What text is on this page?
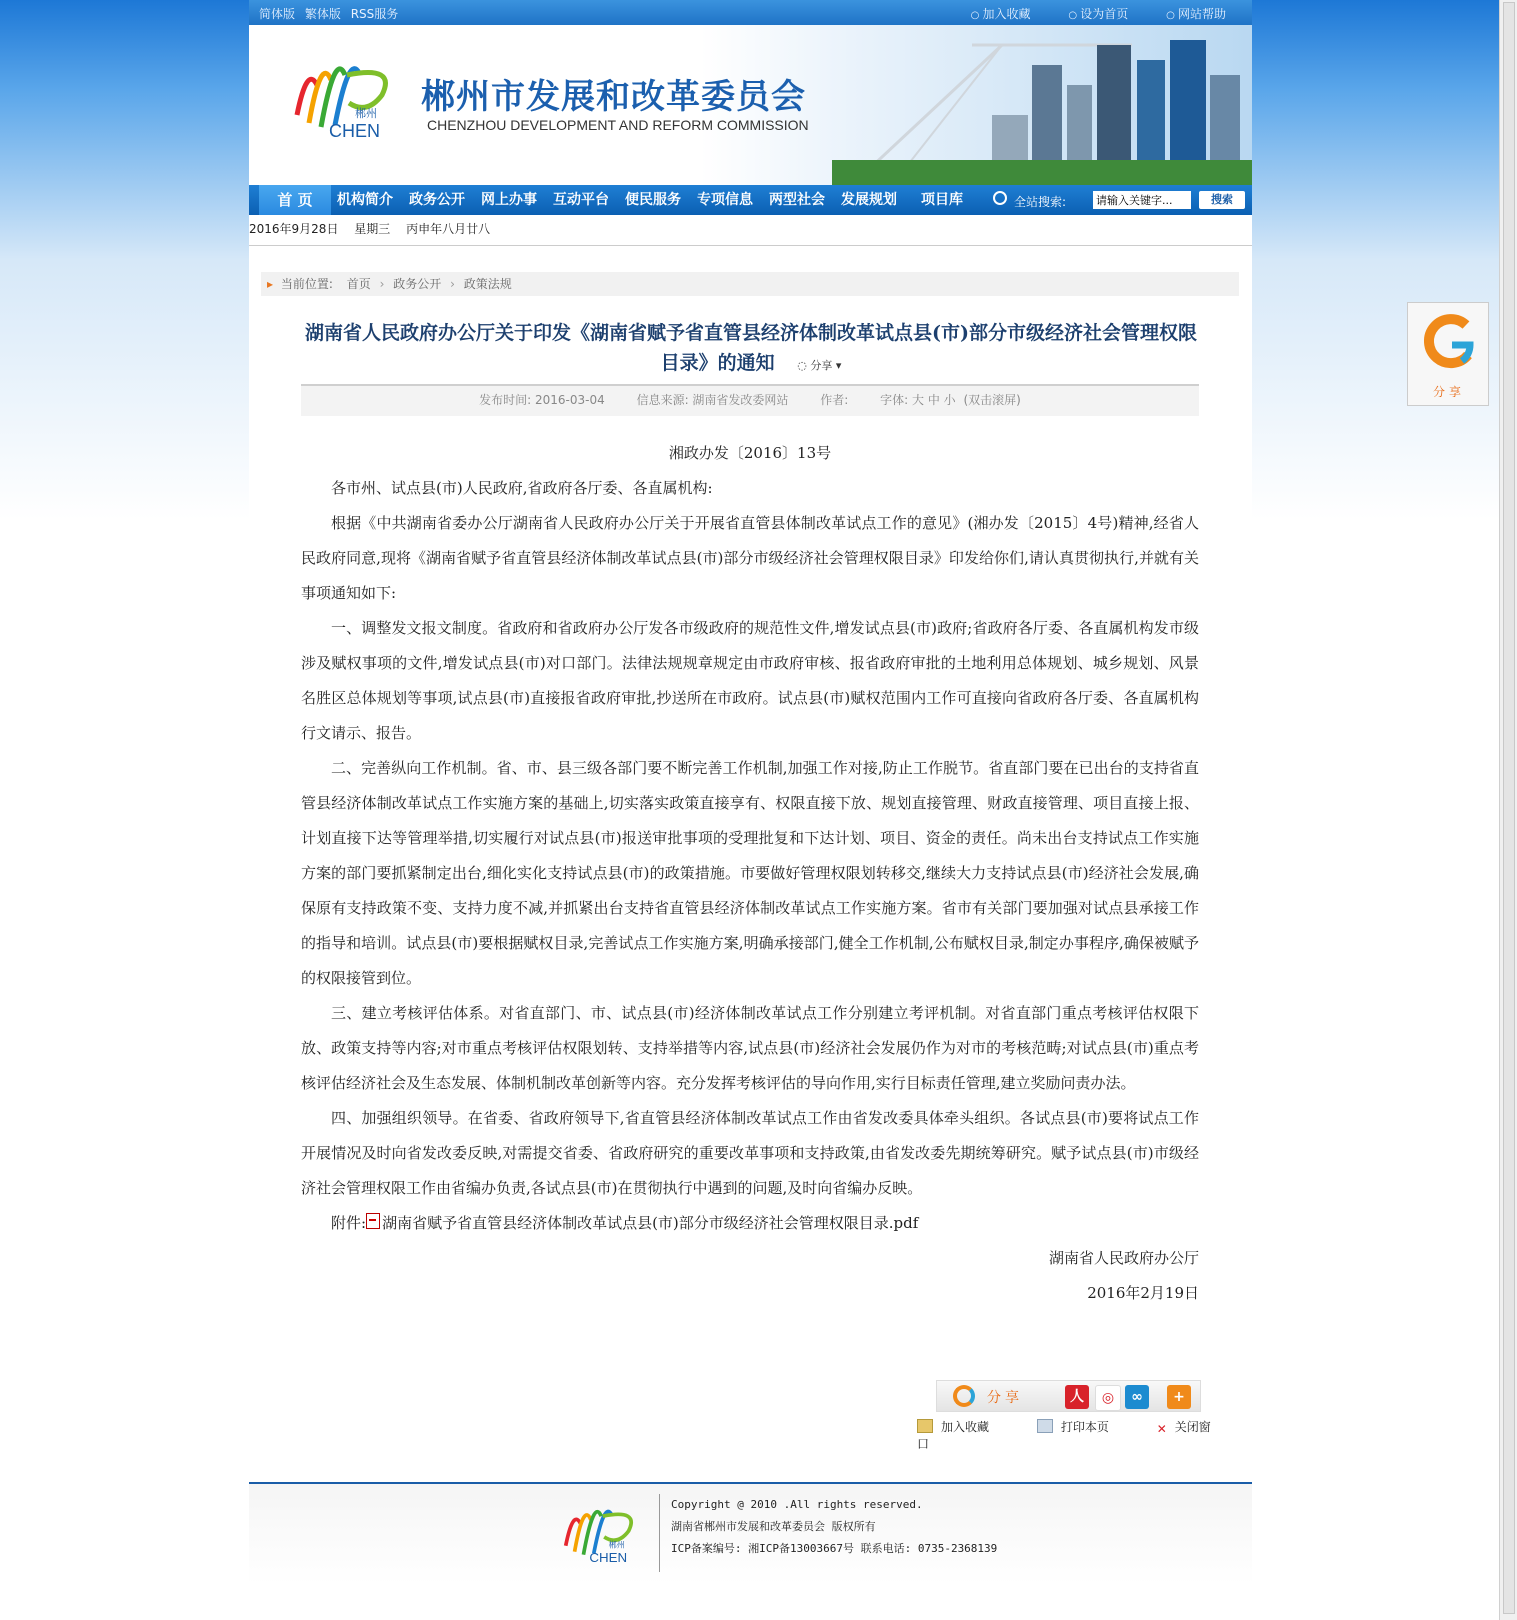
简体版 繁体版 RSS服务	○ 加入收藏	○ 设为首页	○ 网站帮助
郴州
CHEN
郴州市发展和改革委员会
CHENZHOU DEVELOPMENT AND REFORM COMMISSION
首 页	机构简介 政务公开 网上办事 互动平台 便民服务 专项信息 两型社会 发展规划 项目库	全站搜索:
请输入关键字...	搜索
2016年9月28日 星期三 丙申年八月廿八
▸ 当前位置: 首页 › 政务公开 › 政策法规
湖南省人民政府办公厅关于印发《湖南省赋予省直管县经济体制改革试点县(市)部分市级经济社会管理权限目录》的通知 ◌ 分享 ▾
发布时间: 2016-03-04	信息来源: 湖南省发改委网站	作者:	字体: 大 中 小 (双击滚屏)

湘政办发〔2016〕13号

各市州、试点县(市)人民政府,省政府各厅委、各直属机构:

根据《中共湖南省委办公厅湖南省人民政府办公厅关于开展省直管县体制改革试点工作的意见》(湘办发〔2015〕4号)精神,经省人民政府同意,现将《湖南省赋予省直管县经济体制改革试点县(市)部分市级经济社会管理权限目录》印发给你们,请认真贯彻执行,并就有关事项通知如下:

一、调整发文报文制度。省政府和省政府办公厅发各市级政府的规范性文件,增发试点县(市)政府;省政府各厅委、各直属机构发市级涉及赋权事项的文件,增发试点县(市)对口部门。法律法规规章规定由市政府审核、报省政府审批的土地利用总体规划、城乡规划、风景名胜区总体规划等事项,试点县(市)直接报省政府审批,抄送所在市政府。试点县(市)赋权范围内工作可直接向省政府各厅委、各直属机构行文请示、报告。

二、完善纵向工作机制。省、市、县三级各部门要不断完善工作机制,加强工作对接,防止工作脱节。省直部门要在已出台的支持省直管县经济体制改革试点工作实施方案的基础上,切实落实政策直接享有、权限直接下放、规划直接管理、财政直接管理、项目直接上报、计划直接下达等管理举措,切实履行对试点县(市)报送审批事项的受理批复和下达计划、项目、资金的责任。尚未出台支持试点工作实施方案的部门要抓紧制定出台,细化实化支持试点县(市)的政策措施。市要做好管理权限划转移交,继续大力支持试点县(市)经济社会发展,确保原有支持政策不变、支持力度不减,并抓紧出台支持省直管县经济体制改革试点工作实施方案。省市有关部门要加强对试点县承接工作的指导和培训。试点县(市)要根据赋权目录,完善试点工作实施方案,明确承接部门,健全工作机制,公布赋权目录,制定办事程序,确保被赋予的权限接管到位。

三、建立考核评估体系。对省直部门、市、试点县(市)经济体制改革试点工作分别建立考评机制。对省直部门重点考核评估权限下放、政策支持等内容;对市重点考核评估权限划转、支持举措等内容,试点县(市)经济社会发展仍作为对市的考核范畴;对试点县(市)重点考核评估经济社会及生态发展、体制机制改革创新等内容。充分发挥考核评估的导向作用,实行目标责任管理,建立奖励问责办法。

四、加强组织领导。在省委、省政府领导下,省直管县经济体制改革试点工作由省发改委具体牵头组织。各试点县(市)要将试点工作开展情况及时向省发改委反映,对需提交省委、省政府研究的重要改革事项和支持政策,由省发改委先期统筹研究。赋予试点县(市)市级经济社会管理权限工作由省编办负责,各试点县(市)在贯彻执行中遇到的问题,及时向省编办反映。

附件: 湖南省赋予省直管县经济体制改革试点县(市)部分市级经济社会管理权限目录.pdf

湖南省人民政府办公厅

2016年2月19日

分享	人	◎	∞	+
加入收藏	打印本页	✕ 关闭窗口
郴州
CHEN
Copyright @ 2010 .All rights reserved.
湖南省郴州市发展和改革委员会 版权所有
ICP备案编号: 湘ICP备13003667号 联系电话: 0735-2368139
分享
